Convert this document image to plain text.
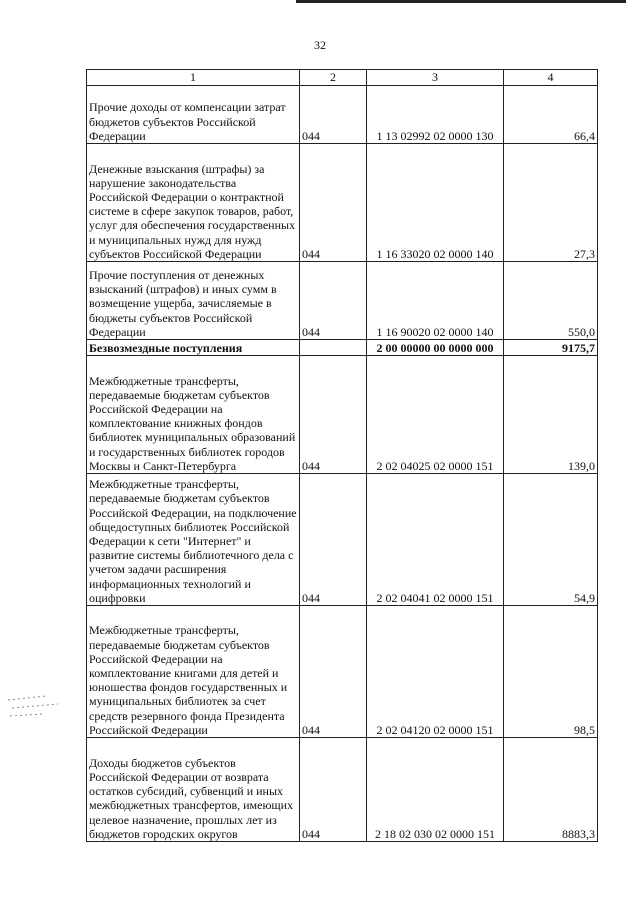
32
1	2	3	4
Прочие доходы от компенсации затрат бюджетов субъектов Российской Федерации	044	1 13 02992 02 0000 130	66,4
Денежные взыскания (штрафы) за нарушение законодательства Российской Федерации о контрактной системе в сфере закупок товаров, работ, услуг для обеспечения государственных и муниципальных нужд для нужд субъектов Российской Федерации	044	1 16 33020 02 0000 140	27,3
Прочие поступления от денежных взысканий (штрафов) и иных сумм в возмещение ущерба, зачисляемые в бюджеты субъектов Российской Федерации	044	1 16 90020 02 0000 140	550,0
Безвозмездные поступления		2 00 00000 00 0000 000	9175,7
Межбюджетные трансферты, передаваемые бюджетам субъектов Российской Федерации на комплектование книжных фондов библиотек муниципальных образований и государственных библиотек городов Москвы и Санкт-Петербурга	044	2 02 04025 02 0000 151	139,0
Межбюджетные трансферты, передаваемые бюджетам субъектов Российской Федерации, на подключение общедоступных библиотек Российской Федерации к сети "Интернет" и развитие системы библиотечного дела с учетом задачи расширения информационных технологий и оцифровки	044	2 02 04041 02 0000 151	54,9
Межбюджетные трансферты, передаваемые бюджетам субъектов Российской Федерации на комплектование книгами для детей и юношества фондов государственных и муниципальных библиотек за счет средств резервного фонда Президента Российской Федерации	044	2 02 04120 02 0000 151	98,5
Доходы бюджетов субъектов Российской Федерации от возврата остатков субсидий, субвенций и иных межбюджетных трансфертов, имеющих целевое назначение, прошлых лет из бюджетов городских округов	044	2 18 02 030 02 0000 151	8883,3
